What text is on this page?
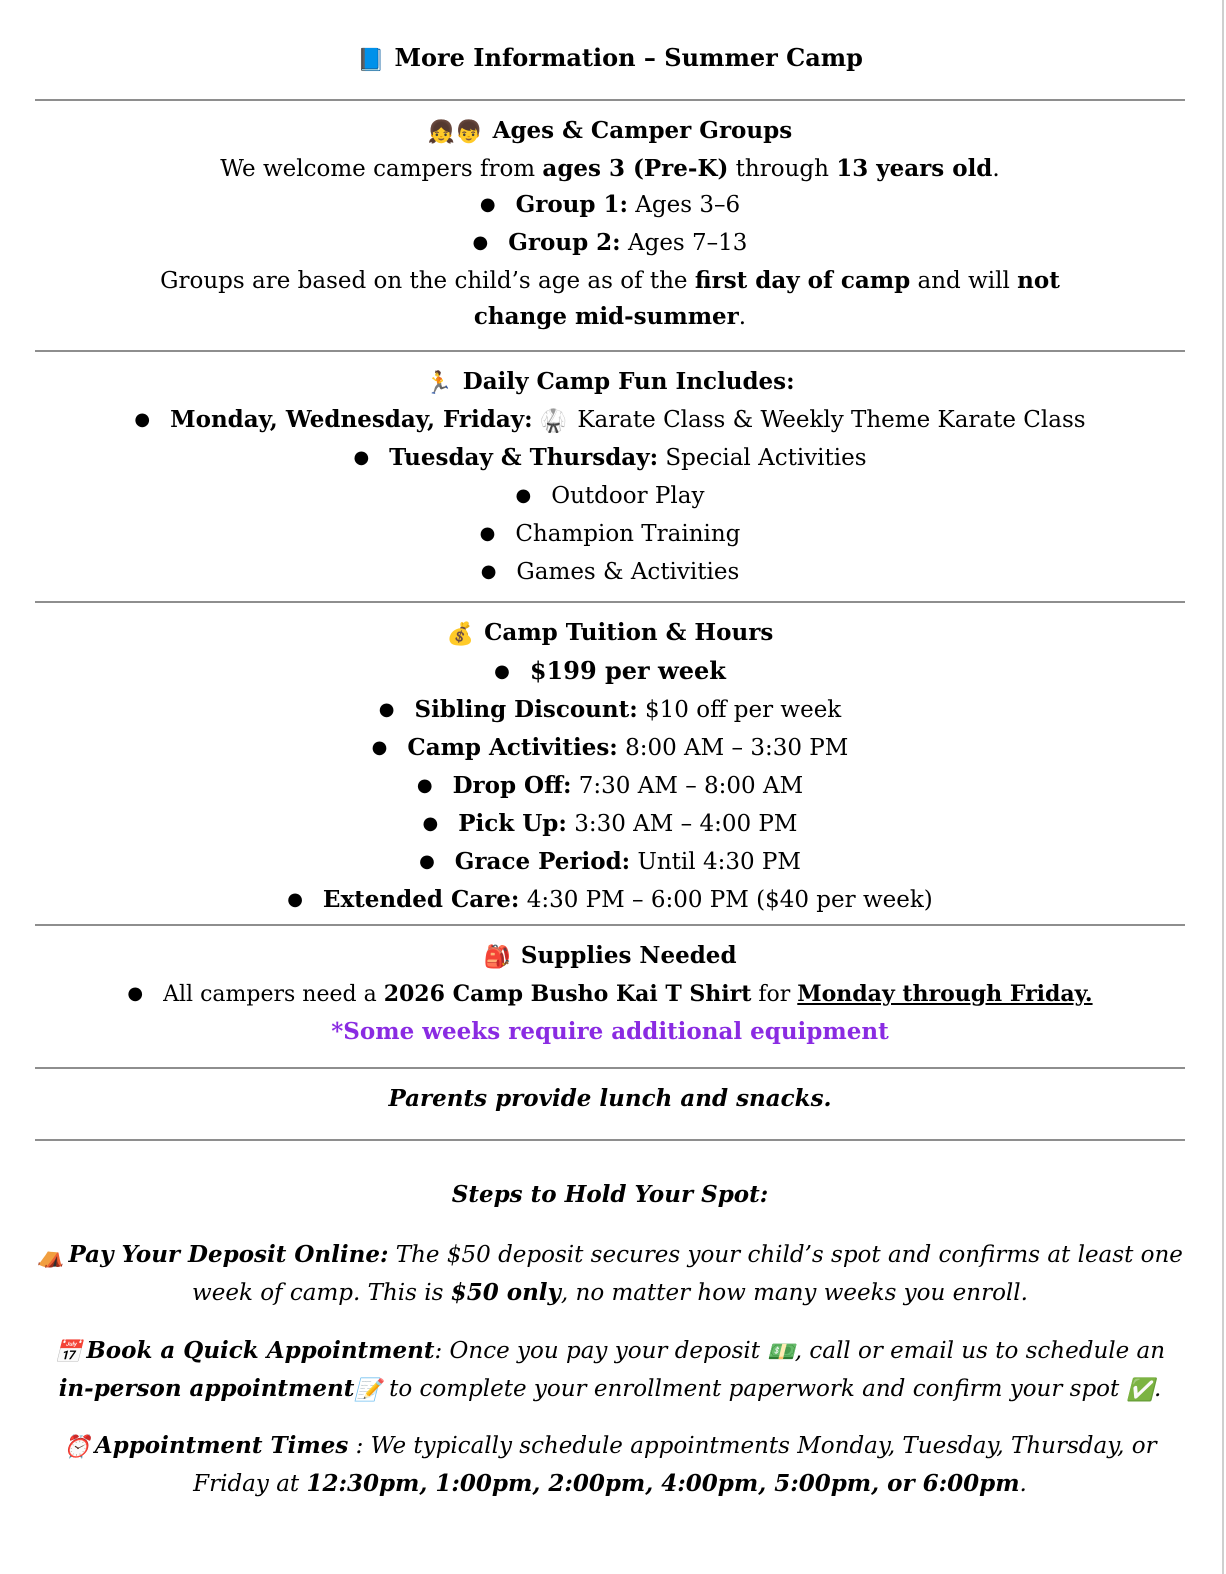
📘 More Information – Summer Camp
👧👦 Ages & Camper Groups
We welcome campers from ages 3 (Pre-K) through 13 years old.
● Group 1: Ages 3–6
● Group 2: Ages 7–13
Groups are based on the child’s age as of the first day of camp and will not change mid-summer.
🏃 Daily Camp Fun Includes:
● Monday, Wednesday, Friday: 🥋 Karate Class & Weekly Theme Karate Class
● Tuesday & Thursday: Special Activities
● Outdoor Play
● Champion Training
● Games & Activities
💰 Camp Tuition & Hours
● $199 per week
● Sibling Discount: $10 off per week
● Camp Activities: 8:00 AM – 3:30 PM
● Drop Off: 7:30 AM – 8:00 AM
● Pick Up: 3:30 AM – 4:00 PM
● Grace Period: Until 4:30 PM
● Extended Care: 4:30 PM – 6:00 PM ($40 per week)
🎒 Supplies Needed
● All campers need a 2026 Camp Busho Kai T Shirt for Monday through Friday.
*Some weeks require additional equipment
Parents provide lunch and snacks.
Steps to Hold Your Spot:
⛺ Pay Your Deposit Online: The $50 deposit secures your child’s spot and confirms at least one week of camp. This is $50 only, no matter how many weeks you enroll.
📅 Book a Quick Appointment: Once you pay your deposit 💵, call or email us to schedule an in-person appointment📝 to complete your enrollment paperwork and confirm your spot ✅.
⏰ Appointment Times : We typically schedule appointments Monday, Tuesday, Thursday, or Friday at 12:30pm, 1:00pm, 2:00pm, 4:00pm, 5:00pm, or 6:00pm.
